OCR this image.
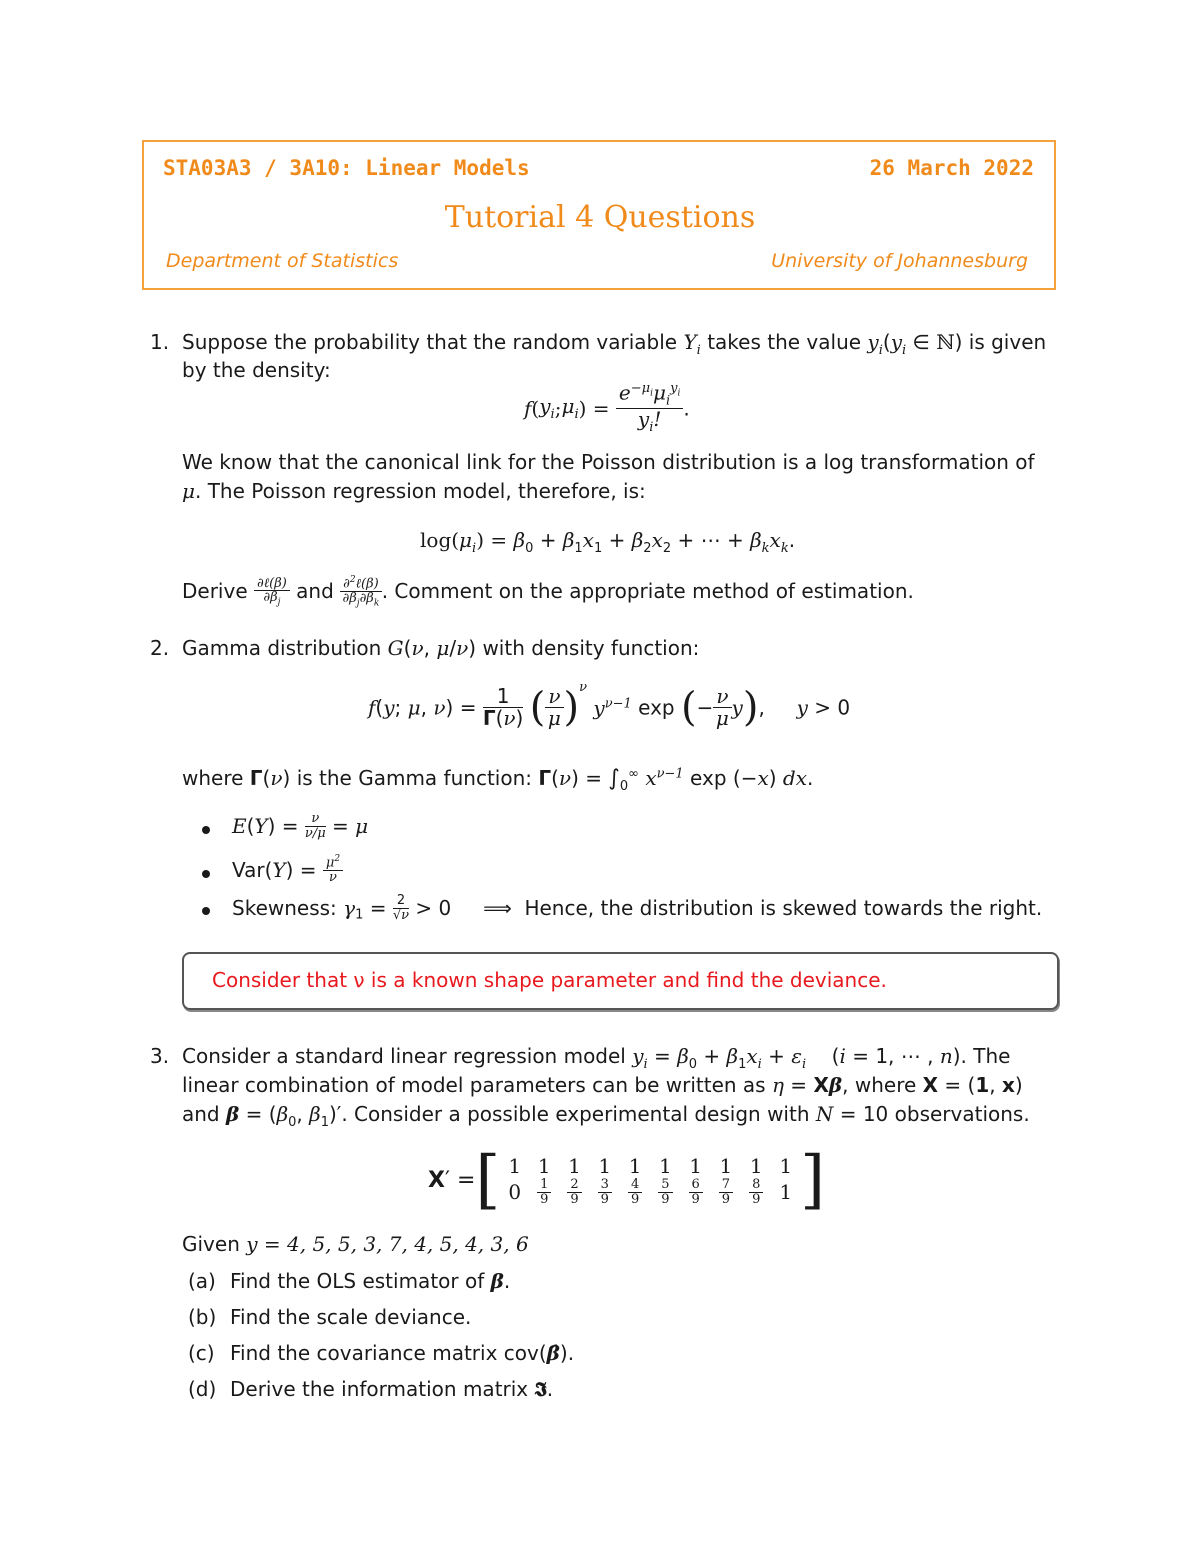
STA03A3 / 3A10: Linear Models	26 March 2022
Tutorial 4 Questions
Department of Statistics	University of Johannesburg
1. Suppose the probability that the random variable $Y_i$ takes the value $y_i(y_i$ ∈ ℕ) is given
by the density:
$f(y_i;\mu_i) = \frac{e^{-\mu_i}\mu_i^{y_i}}{y_i!}$ .
We know that the canonical link for the Poisson distribution is a log transformation of
μ. The Poisson regression model, therefore, is:
$\log(\mu_i) = \beta_0 + \beta_1x_1 + \beta_2x_2$ + ⋯ + $\beta_kx_k$.
Derive $\frac{\text{∂ℓ(β)}}{\partial\beta_j}$ and $\frac{\partial^2\ell(\beta)}{\partial\beta_j\partial\beta_k}$ . Comment on the appropriate method of estimation.
2. Gamma distribution G(ν, μ/ν) with density function:
f(y; μ, $\nu) = \frac{1}{\Gamma(\nu)}$ ( $\frac{\nu}{\mu} )^\nu$ $y^{\nu-1}$ exp (− $\frac{\nu}{\mu} y$),     y > 0
where Γ(ν) is the Gamma function: $\Gamma(\nu) = \int_0^\infty$ $x^{\nu-1}$ exp (−x) dx.
$E(Y) = \frac{\nu}{\nu/\mu} = \mu$
$Var(Y) = \frac{\mu^2}{\nu}$
Skewness: $\gamma_1 = \frac{2}{√\nu} > 0$     ⟹  Hence, the distribution is skewed towards the right.
Consider that ν is a known shape parameter and find the deviance.
3. Consider a standard linear regression model $y_i = \beta_0 + \beta_1x_i + \varepsilon_i$    (i = 1, ⋯ , n). The
linear combination of model parameters can be written as η = Xβ, where X = (1, x)
and $\beta = (\beta_0$, $\beta_1)'$. Consider a possible experimental design with N = 10 observations.
X′ = [ 1	1	1	1	1	1	1	1	1	1
0	$\frac{1}{9}$	$\frac{2}{9}$	$\frac{3}{9}$	$\frac{4}{9}$	$\frac{5}{9}$	$\frac{6}{9}$	$\frac{7}{9}$	$\frac{8}{9}$	1 ]
Given y = 4, 5, 5, 3, 7, 4, 5, 4, 3, 6
(a) Find the OLS estimator of β.
(b) Find the scale deviance.
(c) Find the covariance matrix cov(β̂).
(d) Derive the information matrix 𝕴.
